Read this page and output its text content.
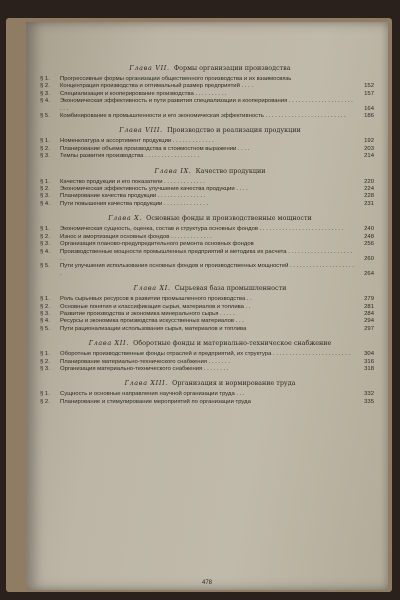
Глава VII. Формы организации производства
§ 1. Прогрессивные формы организации общественного производства и их взаимосвязь
§ 2. Концентрация производства и оптимальный размер предприятий . . . .	152
§ 3. Специализация и кооперирование производства . . . . . . . . . .	157
§ 4. Экономическая эффективность и пути развития специализации и кооперирования . . . . . . . . . . . . . . . . . . . . . . .	164
§ 5. Комбинирование в промышленности и его экономическая эффективность . . . . . . . . . . . . . . . . . . . . . . . . .	186
Глава VIII. Производство и реализация продукции
§ 1. Номенклатура и ассортимент продукции . . . . . . . . . . . . .	192
§ 2. Планирование объема производства в стоимостном выражении . . . .	203
§ 3. Темпы развития производства . . . . . . . . . . . . . . . . .	214
Глава IX. Качество продукции
§ 1. Качество продукции и его показатели . . . . . . . . . . . . .	220
§ 2. Экономическая эффективность улучшения качества продукции . . . .	224
§ 3. Планирование качества продукции . . . . . . . . . . . . . . .	228
§ 4. Пути повышения качества продукции . . . . . . . . . . . . . .	231
Глава X. Основные фонды и производственные мощности
§ 1. Экономическая сущность, оценка, состав и структура основных фондов . . . . . . . . . . . . . . . . . . . . . . . . . .	240
§ 2. Износ и амортизация основных фондов . . . . . . . . . . . . .	248
§ 3. Организация планово-предупредительного ремонта основных фондов	256
§ 4. Производственные мощности промышленных предприятий и методика их расчета . . . . . . . . . . . . . . . . . . . . . .	260
§ 5. Пути улучшения использования основных фондов и производственных мощностей . . . . . . . . . . . . . . . . . . . . .	264
Глава XI. Сырьевая база промышленности
§ 1. Роль сырьевых ресурсов в развитии промышленного производства . .	279
§ 2. Основные понятия и классификация сырья, материалов и топлива . .	281
§ 3. Развитие производства и экономика минерального сырья . . . . .	284
§ 4. Ресурсы и экономика производства искусственных материалов . . .	294
§ 5. Пути рационализации использования сырья, материалов и топлива	297
Глава XII. Оборотные фонды и материально-техническое снабжение
§ 1. Оборотные производственные фонды отраслей и предприятий, их структура . . . . . . . . . . . . . . . . . . . . . . . .	304
§ 2. Планирование материально-технического снабжения . . . . . . .	316
§ 3. Организация материально-технического снабжения . . . . . . . .	318
Глава XIII. Организация и нормирование труда
§ 1. Сущность и основные направления научной организации труда . . .	332
§ 2. Планирование и стимулирование мероприятий по организации труда	335
478
